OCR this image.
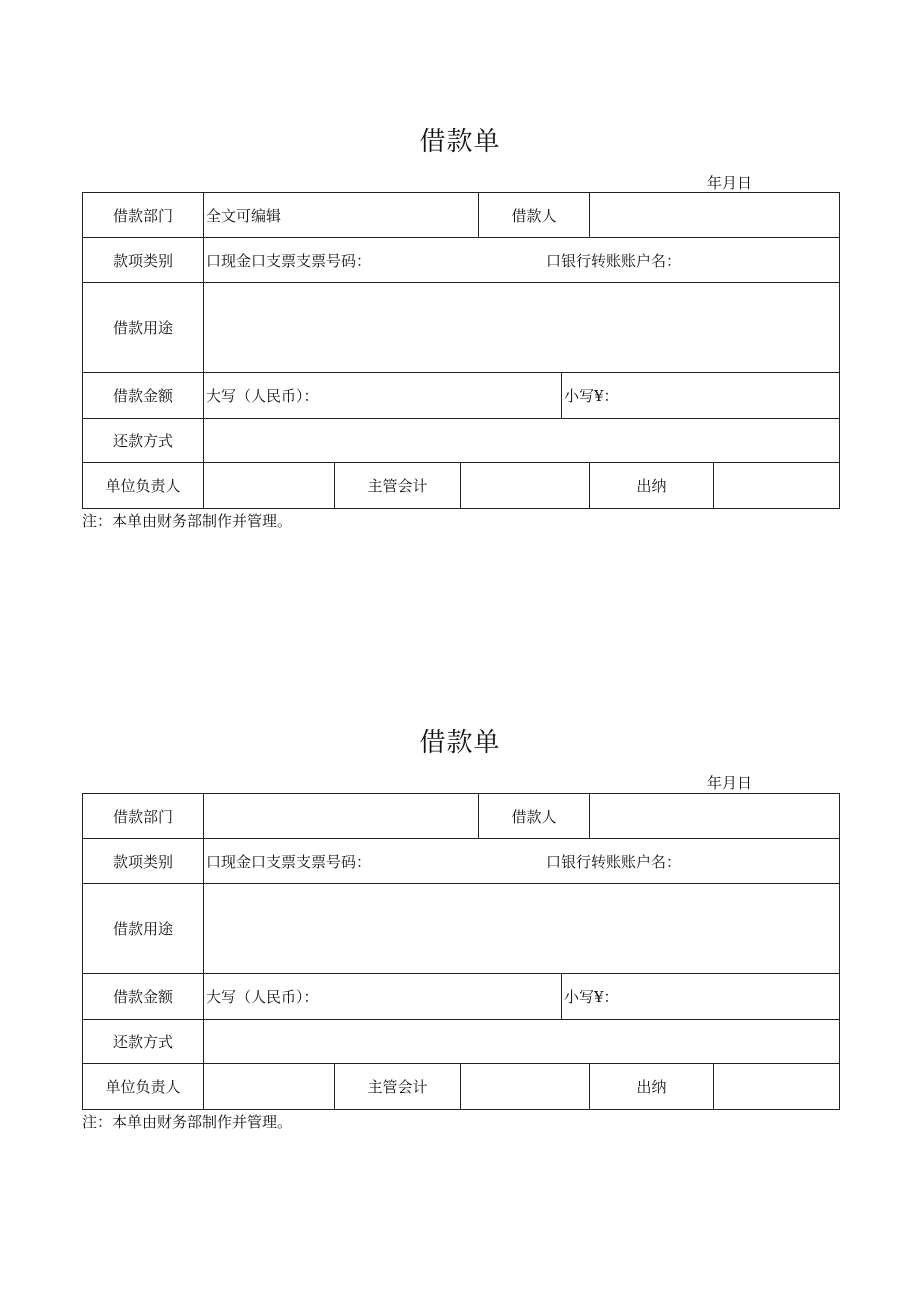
借款单
年月日
借款部门	全文可编辑			借款人			
款项类别	口现金口支票支票号码： 口银行转账账户名：						

借款用途							
借款金额	大写（人民币）：				小写¥：		
还款方式							
单位负责人		主管会计				出纳	
注：本单由财务部制作并管理。
借款单
年月日
借款部门				借款人			
款项类别	口现金口支票支票号码： 口银行转账账户名：						

借款用途							
借款金额	大写（人民币）：				小写¥：		
还款方式							
单位负责人		主管会计				出纳	
注：本单由财务部制作并管理。
